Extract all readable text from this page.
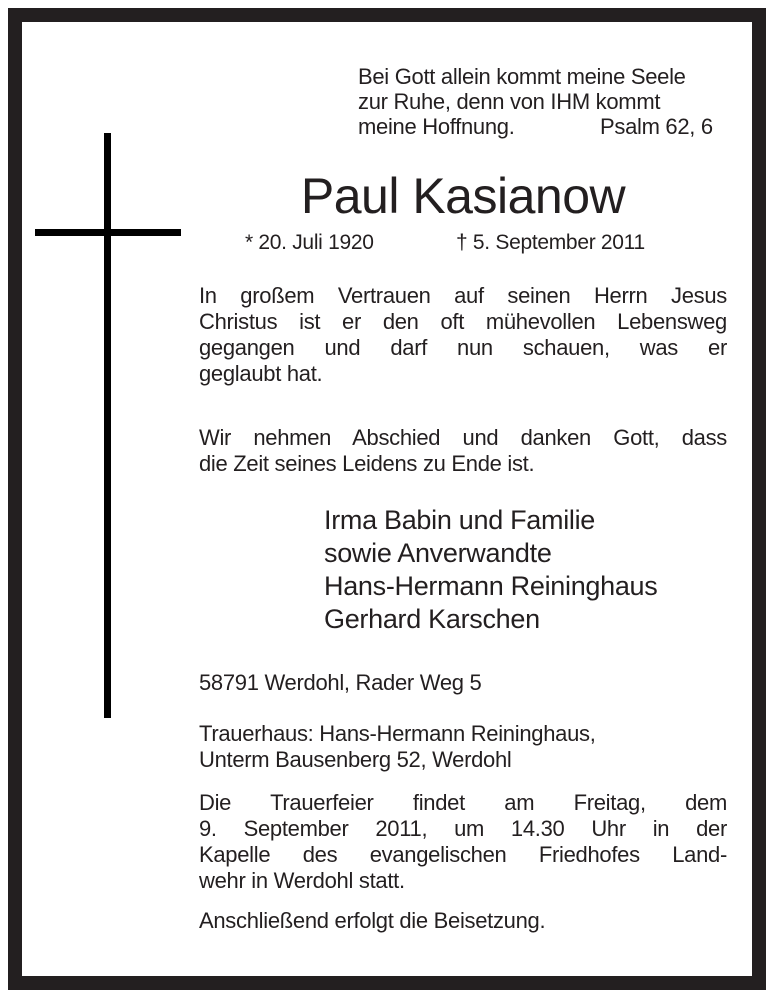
Bei Gott allein kommt meine Seele
zur Ruhe, denn von IHM kommt
meine Hoffnung.	Psalm 62, 6
Paul Kasianow
* 20. Juli 1920	† 5. September 2011
In großem Vertrauen auf seinen Herrn Jesus
Christus ist er den oft mühevollen Lebensweg
gegangen und darf nun schauen, was er
geglaubt hat.
Wir nehmen Abschied und danken Gott, dass
die Zeit seines Leidens zu Ende ist.
Irma Babin und Familie
sowie Anverwandte
Hans-Hermann Reininghaus
Gerhard Karschen
58791 Werdohl, Rader Weg 5
Trauerhaus: Hans-Hermann Reininghaus,
Unterm Bausenberg 52, Werdohl
Die Trauerfeier findet am Freitag, dem
9. September 2011, um 14.30 Uhr in der
Kapelle des evangelischen Friedhofes Land-
wehr in Werdohl statt.
Anschließend erfolgt die Beisetzung.
